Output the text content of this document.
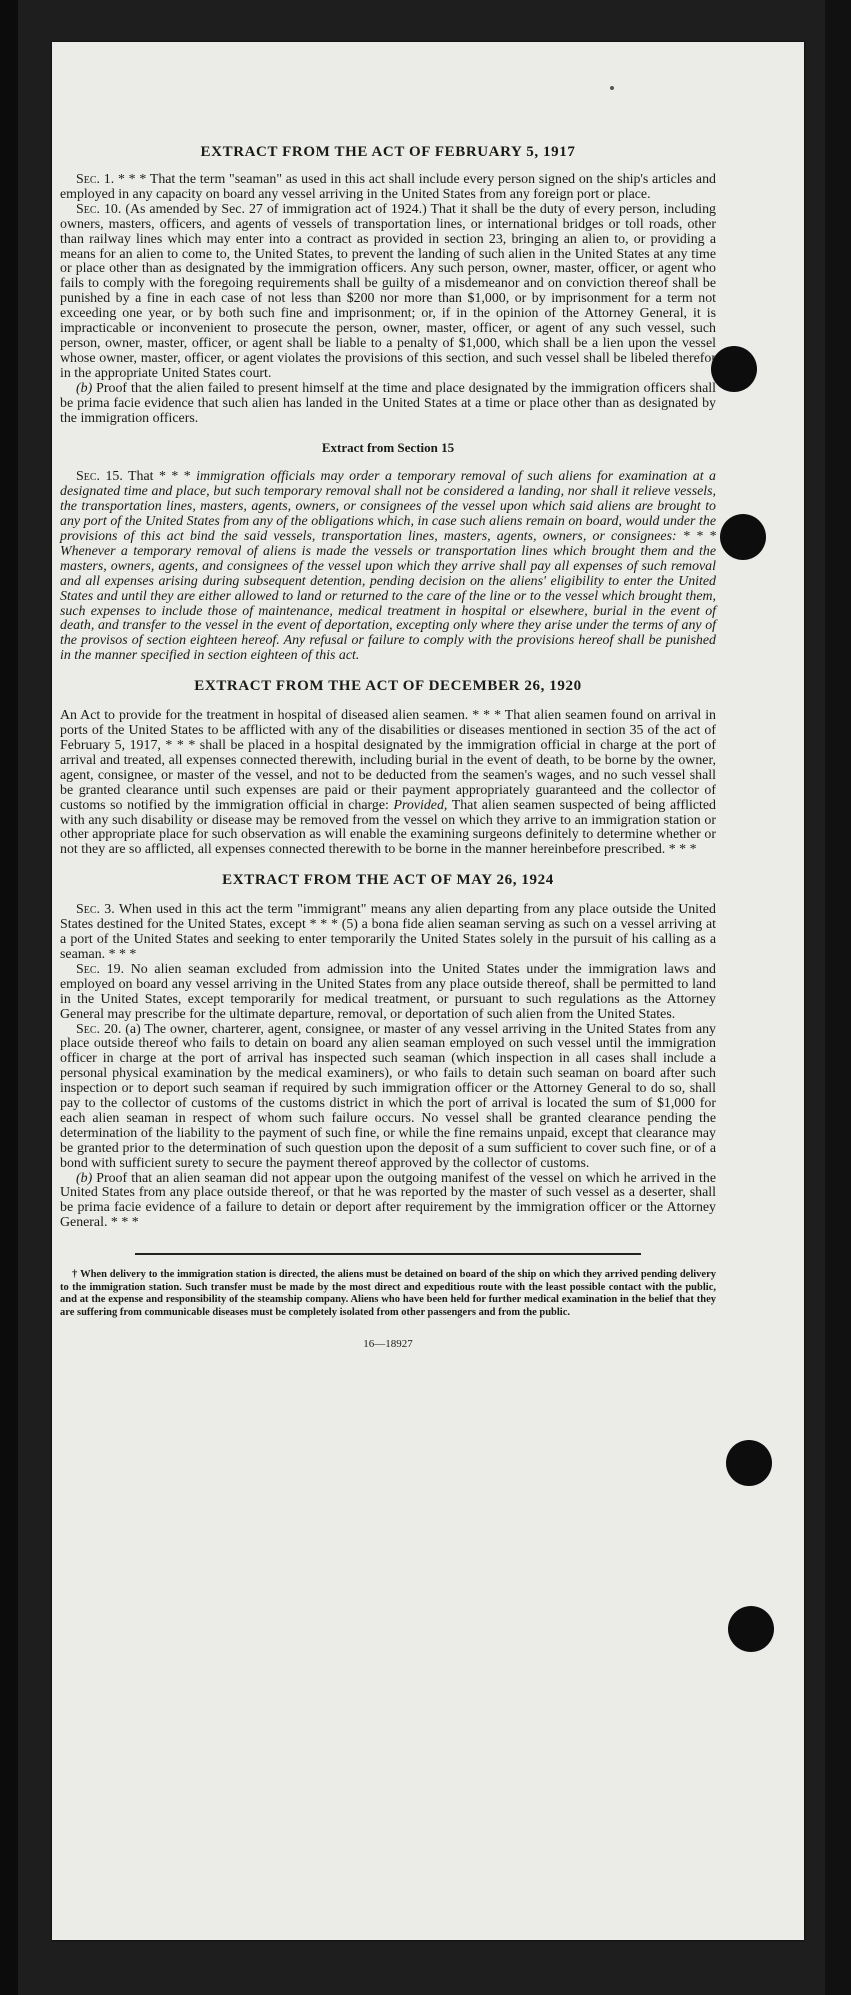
EXTRACT FROM THE ACT OF FEBRUARY 5, 1917

Sec. 1. * * * That the term "seaman" as used in this act shall include every person signed on the ship's articles and employed in any capacity on board any vessel arriving in the United States from any foreign port or place.

Sec. 10. (As amended by Sec. 27 of immigration act of 1924.) That it shall be the duty of every person, including owners, masters, officers, and agents of vessels of transportation lines, or international bridges or toll roads, other than railway lines which may enter into a contract as provided in section 23, bringing an alien to, or providing a means for an alien to come to, the United States, to prevent the landing of such alien in the United States at any time or place other than as designated by the immigration officers. Any such person, owner, master, officer, or agent who fails to comply with the foregoing requirements shall be guilty of a misdemeanor and on conviction thereof shall be punished by a fine in each case of not less than $200 nor more than $1,000, or by imprisonment for a term not exceeding one year, or by both such fine and imprisonment; or, if in the opinion of the Attorney General, it is impracticable or inconvenient to prosecute the person, owner, master, officer, or agent of any such vessel, such person, owner, master, officer, or agent shall be liable to a penalty of $1,000, which shall be a lien upon the vessel whose owner, master, officer, or agent violates the provisions of this section, and such vessel shall be libeled therefor in the appropriate United States court.

(b) Proof that the alien failed to present himself at the time and place designated by the immigration officers shall be prima facie evidence that such alien has landed in the United States at a time or place other than as designated by the immigration officers.

Extract from Section 15

Sec. 15. That * * * immigration officials may order a temporary removal of such aliens for examination at a designated time and place, but such temporary removal shall not be considered a landing, nor shall it relieve vessels, the transportation lines, masters, agents, owners, or consignees of the vessel upon which said aliens are brought to any port of the United States from any of the obligations which, in case such aliens remain on board, would under the provisions of this act bind the said vessels, transportation lines, masters, agents, owners, or consignees: * * * Whenever a temporary removal of aliens is made the vessels or transportation lines which brought them and the masters, owners, agents, and consignees of the vessel upon which they arrive shall pay all expenses of such removal and all expenses arising during subsequent detention, pending decision on the aliens' eligibility to enter the United States and until they are either allowed to land or returned to the care of the line or to the vessel which brought them, such expenses to include those of maintenance, medical treatment in hospital or elsewhere, burial in the event of death, and transfer to the vessel in the event of deportation, excepting only where they arise under the terms of any of the provisos of section eighteen hereof. Any refusal or failure to comply with the provisions hereof shall be punished in the manner specified in section eighteen of this act.

EXTRACT FROM THE ACT OF DECEMBER 26, 1920

An Act to provide for the treatment in hospital of diseased alien seamen. * * * That alien seamen found on arrival in ports of the United States to be afflicted with any of the disabilities or diseases mentioned in section 35 of the act of February 5, 1917, * * * shall be placed in a hospital designated by the immigration official in charge at the port of arrival and treated, all expenses connected therewith, including burial in the event of death, to be borne by the owner, agent, consignee, or master of the vessel, and not to be deducted from the seamen's wages, and no such vessel shall be granted clearance until such expenses are paid or their payment appropriately guaranteed and the collector of customs so notified by the immigration official in charge: Provided, That alien seamen suspected of being afflicted with any such disability or disease may be removed from the vessel on which they arrive to an immigration station or other appropriate place for such observation as will enable the examining surgeons definitely to determine whether or not they are so afflicted, all expenses connected therewith to be borne in the manner hereinbefore prescribed. * * *

EXTRACT FROM THE ACT OF MAY 26, 1924

Sec. 3. When used in this act the term "immigrant" means any alien departing from any place outside the United States destined for the United States, except * * * (5) a bona fide alien seaman serving as such on a vessel arriving at a port of the United States and seeking to enter temporarily the United States solely in the pursuit of his calling as a seaman. * * *

Sec. 19. No alien seaman excluded from admission into the United States under the immigration laws and employed on board any vessel arriving in the United States from any place outside thereof, shall be permitted to land in the United States, except temporarily for medical treatment, or pursuant to such regulations as the Attorney General may prescribe for the ultimate departure, removal, or deportation of such alien from the United States.

Sec. 20. (a) The owner, charterer, agent, consignee, or master of any vessel arriving in the United States from any place outside thereof who fails to detain on board any alien seaman employed on such vessel until the immigration officer in charge at the port of arrival has inspected such seaman (which inspection in all cases shall include a personal physical examination by the medical examiners), or who fails to detain such seaman on board after such inspection or to deport such seaman if required by such immigration officer or the Attorney General to do so, shall pay to the collector of customs of the customs district in which the port of arrival is located the sum of $1,000 for each alien seaman in respect of whom such failure occurs. No vessel shall be granted clearance pending the determination of the liability to the payment of such fine, or while the fine remains unpaid, except that clearance may be granted prior to the determination of such question upon the deposit of a sum sufficient to cover such fine, or of a bond with sufficient surety to secure the payment thereof approved by the collector of customs.

(b) Proof that an alien seaman did not appear upon the outgoing manifest of the vessel on which he arrived in the United States from any place outside thereof, or that he was reported by the master of such vessel as a deserter, shall be prima facie evidence of a failure to detain or deport after requirement by the immigration officer or the Attorney General. * * *

† When delivery to the immigration station is directed, the aliens must be detained on board of the ship on which they arrived pending delivery to the immigration station. Such transfer must be made by the most direct and expeditious route with the least possible contact with the public, and at the expense and responsibility of the steamship company. Aliens who have been held for further medical examination in the belief that they are suffering from communicable diseases must be completely isolated from other passengers and from the public.
16—18927
